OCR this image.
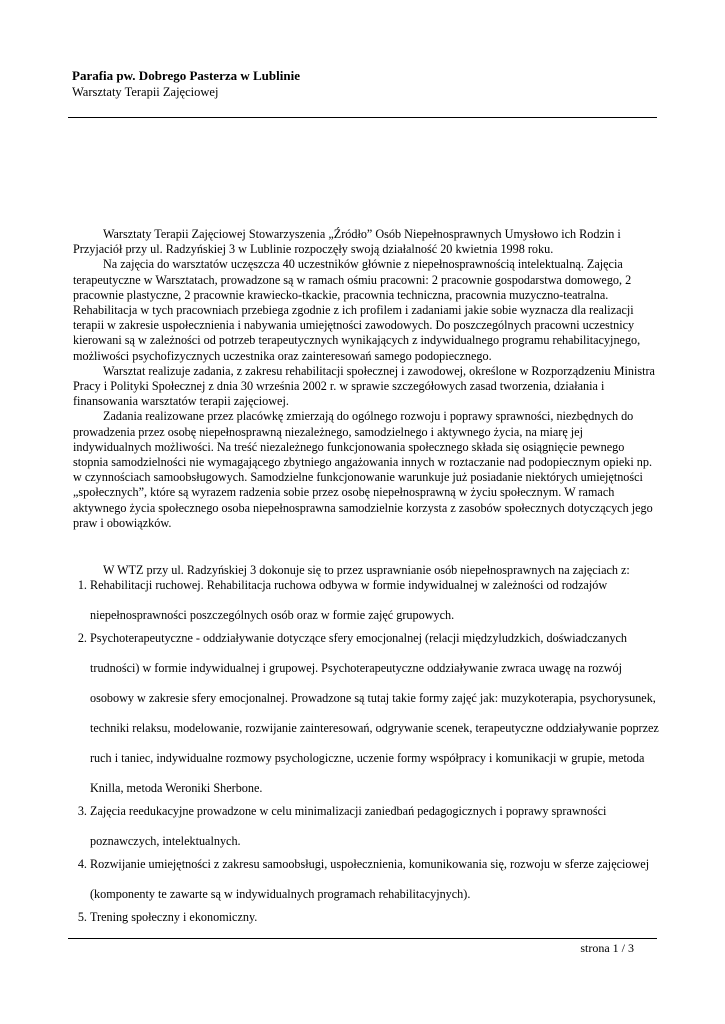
Parafia pw. Dobrego Pasterza w Lublinie

Warsztaty Terapii Zajęciowej

Warsztaty Terapii Zajęciowej Stowarzyszenia „Źródło” Osób Niepełnosprawnych Umysłowo ich Rodzin i Przyjaciół przy ul. Radzyńskiej 3 w Lublinie rozpoczęły swoją działalność 20 kwietnia 1998 roku.

Na zajęcia do warsztatów uczęszcza 40 uczestników głównie z niepełnosprawnością intelektualną. Zajęcia terapeutyczne w Warsztatach, prowadzone są w ramach ośmiu pracowni: 2 pracownie gospodarstwa domowego, 2 pracownie plastyczne, 2 pracownie krawiecko-tkackie, pracownia techniczna, pracownia muzyczno-teatralna. Rehabilitacja w tych pracowniach przebiega zgodnie z ich profilem i zadaniami jakie sobie wyznacza dla realizacji terapii w zakresie uspołecznienia i nabywania umiejętności zawodowych. Do poszczególnych pracowni uczestnicy kierowani są w zależności od potrzeb terapeutycznych wynikających z indywidualnego programu rehabilitacyjnego, możliwości psychofizycznych uczestnika oraz zainteresowań samego podopiecznego.

Warsztat realizuje zadania, z zakresu rehabilitacji społecznej i zawodowej, określone w Rozporządzeniu Ministra Pracy i Polityki Społecznej z dnia 30 września 2002 r. w sprawie szczegółowych zasad tworzenia, działania i finansowania warsztatów terapii zajęciowej.

Zadania realizowane przez placówkę zmierzają do ogólnego rozwoju i poprawy sprawności, niezbędnych do prowadzenia przez osobę niepełnosprawną niezależnego, samodzielnego i aktywnego życia, na miarę jej indywidualnych możliwości. Na treść niezależnego funkcjonowania społecznego składa się osiągnięcie pewnego stopnia samodzielności nie wymagającego zbytniego angażowania innych w roztaczanie nad podopiecznym opieki np. w czynnościach samoobsługowych. Samodzielne funkcjonowanie warunkuje już posiadanie niektórych umiejętności „społecznych”, które są wyrazem radzenia sobie przez osobę niepełnosprawną w życiu społecznym. W ramach aktywnego życia społecznego osoba niepełnosprawna samodzielnie korzysta z zasobów społecznych dotyczących jego praw i obowiązków.

W WTZ przy ul. Radzyńskiej 3 dokonuje się to przez usprawnianie osób niepełnosprawnych na zajęciach z:

1. Rehabilitacji ruchowej. Rehabilitacja ruchowa odbywa w formie indywidualnej w zależności od rodzajów niepełnosprawności poszczególnych osób oraz w formie zajęć grupowych.
2. Psychoterapeutyczne - oddziaływanie dotyczące sfery emocjonalnej (relacji międzyludzkich, doświadczanych trudności) w formie indywidualnej i grupowej. Psychoterapeutyczne oddziaływanie zwraca uwagę na rozwój osobowy w zakresie sfery emocjonalnej. Prowadzone są tutaj takie formy zajęć jak: muzykoterapia, psychorysunek, techniki relaksu, modelowanie, rozwijanie zainteresowań, odgrywanie scenek, terapeutyczne oddziaływanie poprzez ruch i taniec, indywidualne rozmowy psychologiczne, uczenie formy współpracy i komunikacji w grupie, metoda Knilla, metoda Weroniki Sherbone.
3. Zajęcia reedukacyjne prowadzone w celu minimalizacji zaniedbań pedagogicznych i poprawy sprawności poznawczych, intelektualnych.
4. Rozwijanie umiejętności z zakresu samoobsługi, uspołecznienia, komunikowania się, rozwoju w sferze zajęciowej (komponenty te zawarte są w indywidualnych programach rehabilitacyjnych).
5. Trening społeczny i ekonomiczny.
strona 1 / 3
